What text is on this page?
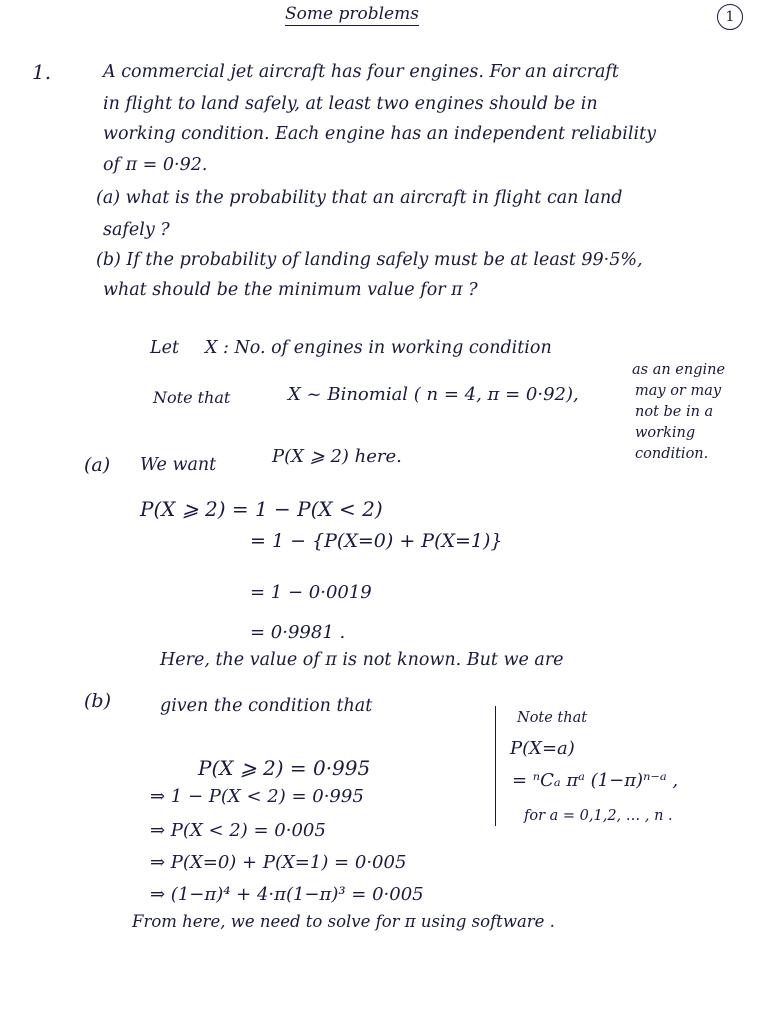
Some problems	1
1.	A commercial jet aircraft has four engines. For an aircraft
in flight to land safely, at least two engines should be in
working condition. Each engine has an independent reliability
of π = 0·92.
(a) what is the probability that an aircraft in flight can land
safely ?
(b) If the probability of landing safely must be at least 99·5%,
what should be the minimum value for π ?
Let X : No. of engines in working condition
Note that	X ~ Binomial ( n = 4, π = 0·92),
as an engine
may or may
not be in a
working
condition.
(a) We want	P(X ⩾ 2) here.
P(X ⩾ 2) = 1 − P(X < 2)
= 1 − {P(X=0) + P(X=1)}
= 1 − 0·0019
= 0·9981 .
(b)
Here, the value of π is not known. But we are
given the condition that
P(X ⩾ 2) = 0·995
⇒ 1 − P(X < 2) = 0·995
⇒ P(X < 2) = 0·005
⇒ P(X=0) + P(X=1) = 0·005
⇒ (1−π)⁴ + 4·π(1−π)³ = 0·005
Note that
P(X=a)
= ⁿCₐ πᵃ (1−π)ⁿ⁻ᵃ ,
for a = 0,1,2, … , n .
From here, we need to solve for π using software .
